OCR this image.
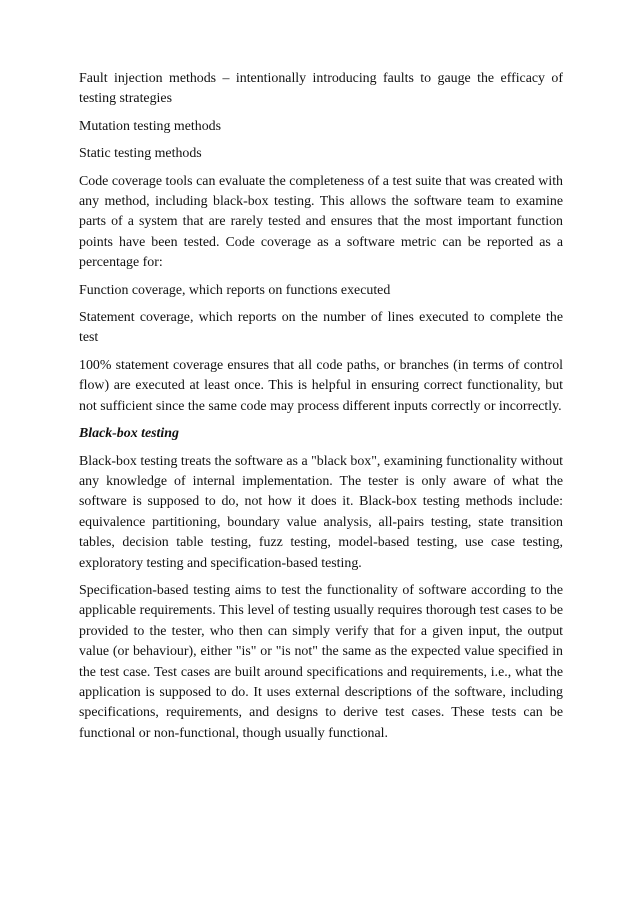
Fault injection methods – intentionally introducing faults to gauge the efficacy of testing strategies

Mutation testing methods

Static testing methods

Code coverage tools can evaluate the completeness of a test suite that was created with any method, including black-box testing. This allows the software team to examine parts of a system that are rarely tested and ensures that the most important function points have been tested. Code coverage as a software metric can be reported as a percentage for:

Function coverage, which reports on functions executed

Statement coverage, which reports on the number of lines executed to complete the test

100% statement coverage ensures that all code paths, or branches (in terms of control flow) are executed at least once. This is helpful in ensuring correct functionality, but not sufficient since the same code may process different inputs correctly or incorrectly.

Black-box testing

Black-box testing treats the software as a "black box", examining functionality without any knowledge of internal implementation. The tester is only aware of what the software is supposed to do, not how it does it. Black-box testing methods include: equivalence partitioning, boundary value analysis, all-pairs testing, state transition tables, decision table testing, fuzz testing, model-based testing, use case testing, exploratory testing and specification-based testing.

Specification-based testing aims to test the functionality of software according to the applicable requirements. This level of testing usually requires thorough test cases to be provided to the tester, who then can simply verify that for a given input, the output value (or behaviour), either "is" or "is not" the same as the expected value specified in the test case. Test cases are built around specifications and requirements, i.e., what the application is supposed to do. It uses external descriptions of the software, including specifications, requirements, and designs to derive test cases. These tests can be functional or non-functional, though usually functional.
